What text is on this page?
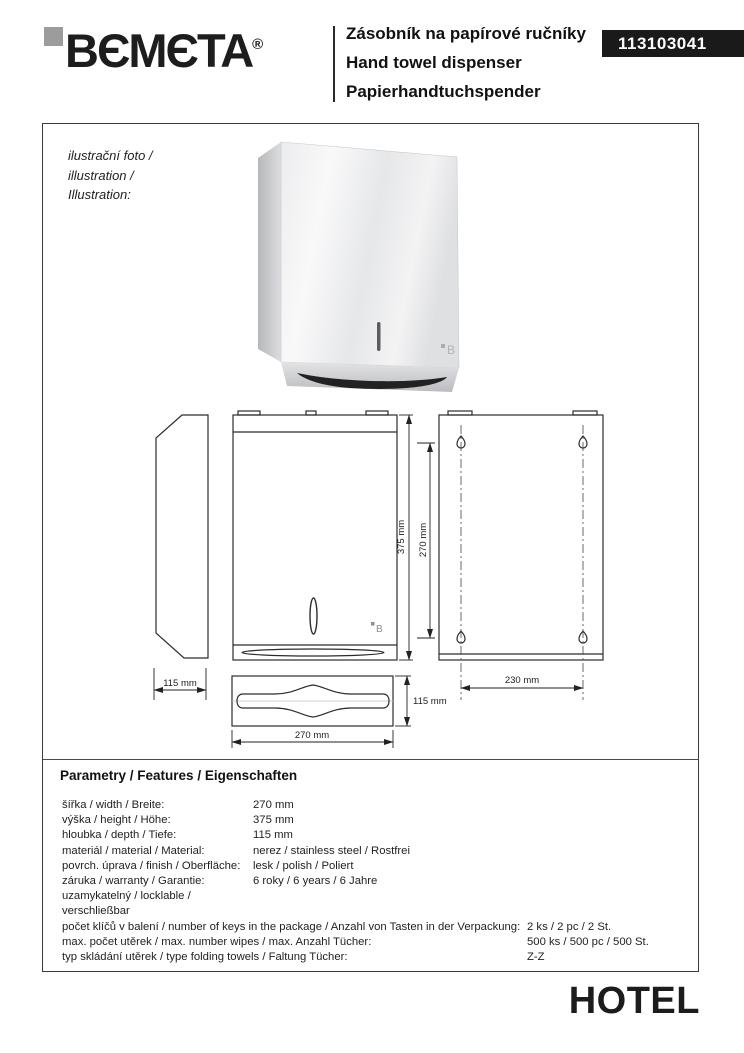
BЄMЄTA®
Zásobník na papírové ručníky
Hand towel dispenser
Papierhandtuchspender
113103041
ilustrační foto /
illustration /
Illustration:
B
B
115 mm
375 mm 270 mm
230 mm
115 mm
270 mm
Parametry / Features / Eigenschaften
šířka / width / Breite:	270 mm
výška / height / Höhe:	375 mm
hloubka / depth / Tiefe:	115 mm
materiál / material / Material:	nerez / stainless steel / Rostfrei
povrch. úprava / finish / Oberfläche:	lesk / polish / Poliert
záruka / warranty / Garantie:	6 roky / 6 years / 6 Jahre
uzamykatelný / locklable / verschließbar
počet klíčů v balení / number of keys in the package / Anzahl von Tasten in der Verpackung: 2 ks / 2 pc / 2 St.
max. počet utěrek / max. number wipes / max. Anzahl Tücher:	500 ks / 500 pc / 500 St.
typ skládání utěrek / type folding towels / Faltung Tücher:	Z-Z
HOTEL
